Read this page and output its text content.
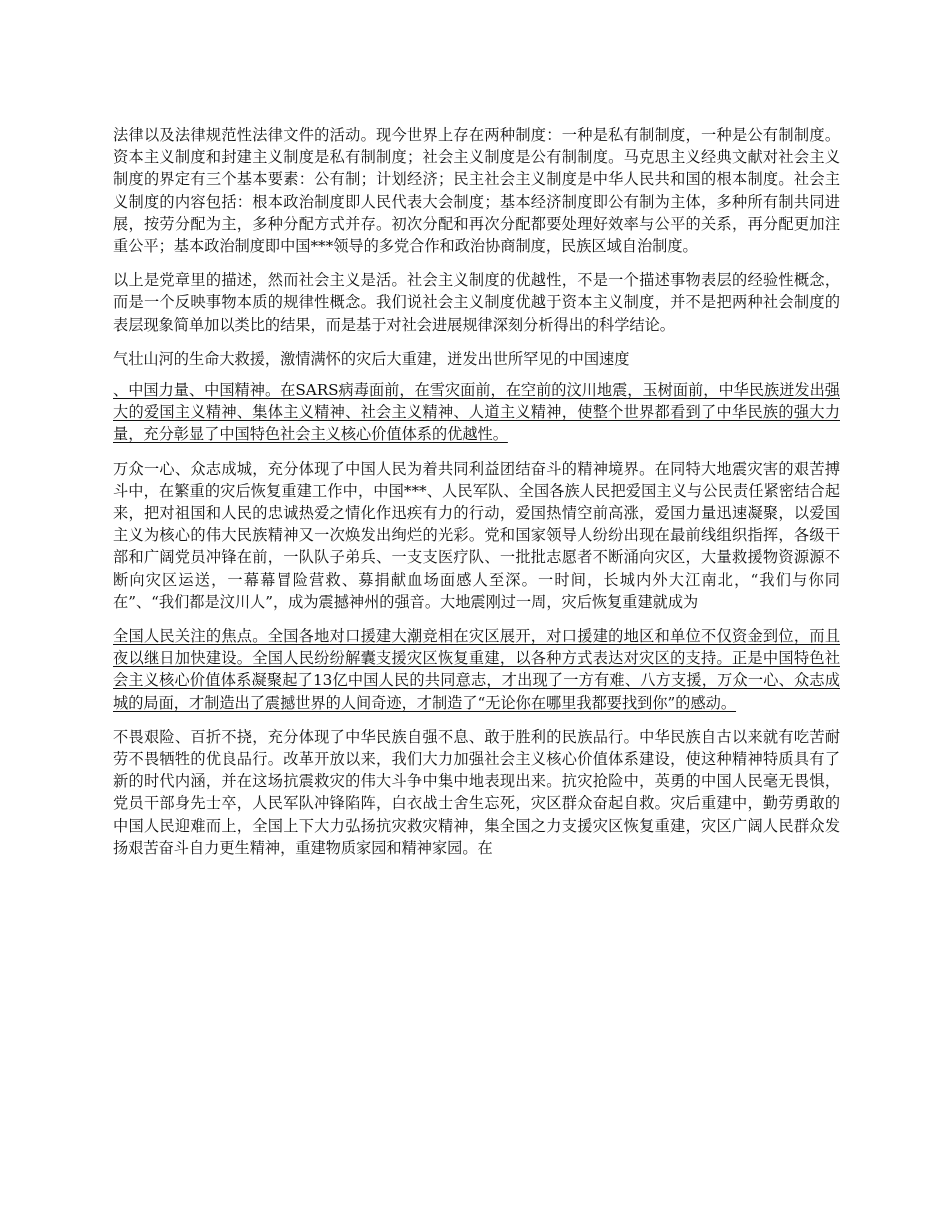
法律以及法律规范性法律文件的活动。现今世界上存在两种制度：一种是私有制制度，一种是公有制制度。资本主义制度和封建主义制度是私有制制度；社会主义制度是公有制制度。马克思主义经典文献对社会主义制度的界定有三个基本要素：公有制；计划经济；民主社会主义制度是中华人民共和国的根本制度。社会主义制度的内容包括：根本政治制度即人民代表大会制度；基本经济制度即公有制为主体，多种所有制共同进展，按劳分配为主，多种分配方式并存。初次分配和再次分配都要处理好效率与公平的关系，再分配更加注重公平；基本政治制度即中国***领导的多党合作和政治协商制度，民族区域自治制度。

以上是党章里的描述，然而社会主义是活。社会主义制度的优越性，不是一个描述事物表层的经验性概念，而是一个反映事物本质的规律性概念。我们说社会主义制度优越于资本主义制度，并不是把两种社会制度的表层现象简单加以类比的结果，而是基于对社会进展规律深刻分析得出的科学结论。

气壮山河的生命大救援，激情满怀的灾后大重建，迸发出世所罕见的中国速度

、中国力量、中国精神。在SARS病毒面前，在雪灾面前，在空前的汶川地震，玉树面前，中华民族迸发出强大的爱国主义精神、集体主义精神、社会主义精神、人道主义精神，使整个世界都看到了中华民族的强大力量，充分彰显了中国特色社会主义核心价值体系的优越性。

万众一心、众志成城，充分体现了中国人民为着共同利益团结奋斗的精神境界。在同特大地震灾害的艰苦搏斗中，在繁重的灾后恢复重建工作中，中国***、人民军队、全国各族人民把爱国主义与公民责任紧密结合起来，把对祖国和人民的忠诚热爱之情化作迅疾有力的行动，爱国热情空前高涨，爱国力量迅速凝聚，以爱国主义为核心的伟大民族精神又一次焕发出绚烂的光彩。党和国家领导人纷纷出现在最前线组织指挥，各级干部和广阔党员冲锋在前，一队队子弟兵、一支支医疗队、一批批志愿者不断涌向灾区，大量救援物资源源不断向灾区运送，一幕幕冒险营救、募捐献血场面感人至深。一时间，长城内外大江南北，“我们与你同在”、“我们都是汶川人”，成为震撼神州的强音。大地震刚过一周，灾后恢复重建就成为

全国人民关注的焦点。全国各地对口援建大潮竞相在灾区展开，对口援建的地区和单位不仅资金到位，而且夜以继日加快建设。全国人民纷纷解囊支援灾区恢复重建，以各种方式表达对灾区的支持。正是中国特色社会主义核心价值体系凝聚起了13亿中国人民的共同意志，才出现了一方有难、八方支援，万众一心、众志成城的局面，才制造出了震撼世界的人间奇迹，才制造了“无论你在哪里我都要找到你”的感动。

不畏艰险、百折不挠，充分体现了中华民族自强不息、敢于胜利的民族品行。中华民族自古以来就有吃苦耐劳不畏牺牲的优良品行。改革开放以来，我们大力加强社会主义核心价值体系建设，使这种精神特质具有了新的时代内涵，并在这场抗震救灾的伟大斗争中集中地表现出来。抗灾抢险中，英勇的中国人民毫无畏惧，党员干部身先士卒，人民军队冲锋陷阵，白衣战士舍生忘死，灾区群众奋起自救。灾后重建中，勤劳勇敢的中国人民迎难而上，全国上下大力弘扬抗灾救灾精神，集全国之力支援灾区恢复重建，灾区广阔人民群众发扬艰苦奋斗自力更生精神，重建物质家园和精神家园。在
